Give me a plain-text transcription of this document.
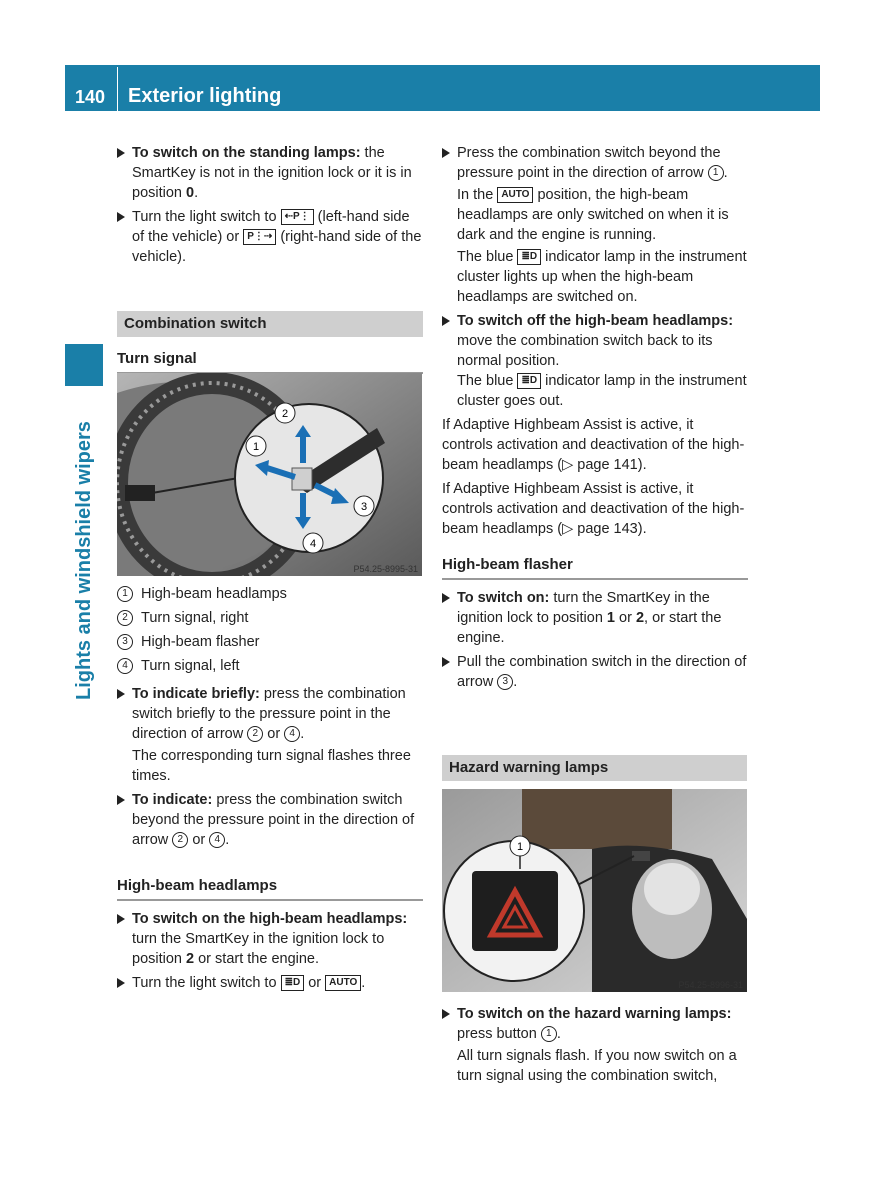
140 Exterior lighting
Lights and windshield wipers
To switch on the standing lamps: the SmartKey is not in the ignition lock or it is in position 0.
Turn the light switch to ⇠P⋮ (left-hand side of the vehicle) or P⋮⇢ (right-hand side of the vehicle).
Combination switch
Turn signal
2
1
3
4
P54.25-8995-31
1 High-beam headlamps
2 Turn signal, right
3 High-beam flasher
4 Turn signal, left
To indicate briefly: press the combination switch briefly to the pressure point in the direction of arrow 2 or 4 .
The corresponding turn signal flashes three times.
To indicate: press the combination switch beyond the pressure point in the direction of arrow 2 or 4 .
High-beam headlamps
To switch on the high-beam headlamps: turn the SmartKey in the ignition lock to position 2 or start the engine.
Turn the light switch to ≣D or AUTO .
Press the combination switch beyond the pressure point in the direction of arrow 1 .
In the AUTO position, the high-beam headlamps are only switched on when it is dark and the engine is running.
The blue ≣D indicator lamp in the instrument cluster lights up when the high-beam headlamps are switched on.
To switch off the high-beam headlamps: move the combination switch back to its normal position.
The blue ≣D indicator lamp in the instrument cluster goes out.
If Adaptive Highbeam Assist is active, it controls activation and deactivation of the high-beam headlamps (▷ page 141).
If Adaptive Highbeam Assist is active, it controls activation and deactivation of the high-beam headlamps (▷ page 143).
High-beam flasher
To switch on: turn the SmartKey in the ignition lock to position 1 or 2, or start the engine.
Pull the combination switch in the direction of arrow 3 .
Hazard warning lamps
1
P54.25-8996-31
To switch on the hazard warning lamps: press button 1 .
All turn signals flash. If you now switch on a turn signal using the combination switch,
